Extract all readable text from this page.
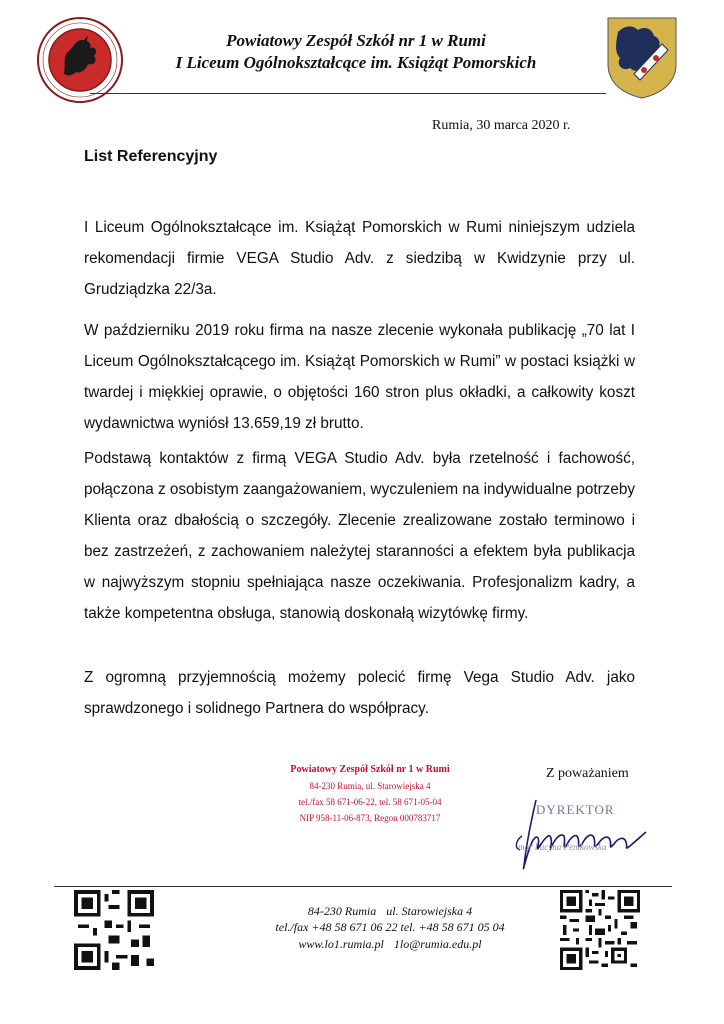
Powiatowy Zespół Szkół nr 1 w Rumi
I Liceum Ogólnokształcące im. Książąt Pomorskich
Rumia, 30 marca 2020 r.
List Referencyjny
I Liceum Ogólnokształcące im. Książąt Pomorskich w Rumi niniejszym udziela rekomendacji firmie VEGA Studio Adv. z siedzibą w Kwidzynie przy ul. Grudziądzka 22/3a.
W październiku 2019 roku firma na nasze zlecenie wykonała publikację „70 lat I Liceum Ogólnokształcącego im. Książąt Pomorskich w Rumi” w postaci książki w twardej i miękkiej oprawie, o objętości 160 stron plus okładki, a całkowity koszt wydawnictwa wyniósł 13.659,19 zł brutto.
Podstawą kontaktów z firmą VEGA Studio Adv. była rzetelność i fachowość, połączona z osobistym zaangażowaniem, wyczuleniem na indywidualne potrzeby Klienta oraz dbałością o szczegóły. Zlecenie zrealizowane zostało terminowo i bez zastrzeżeń, z zachowaniem należytej staranności a efektem była publikacja w najwyższym stopniu spełniająca nasze oczekiwania. Profesjonalizm kadry, a także kompetentna obsługa, stanowią doskonałą wizytówkę firmy.
Z ogromną przyjemnością możemy polecić firmę Vega Studio Adv. jako sprawdzonego i solidnego Partnera do współpracy.
Powiatowy Zespół Szkół nr 1 w Rumi
84-230 Rumia, ul. Starowiejska 4
tel./fax 58 671-06-22, tel. 58 671-05-04
NIP 958-11-06-873, Regon 000783717
Z poważaniem
DYREKTOR
mgr Lucyna Pentkowska
84-230 Rumia ul. Starowiejska 4
tel./fax +48 58 671 06 22 tel. +48 58 671 05 04
www.lo1.rumia.pl 1lo@rumia.edu.pl
